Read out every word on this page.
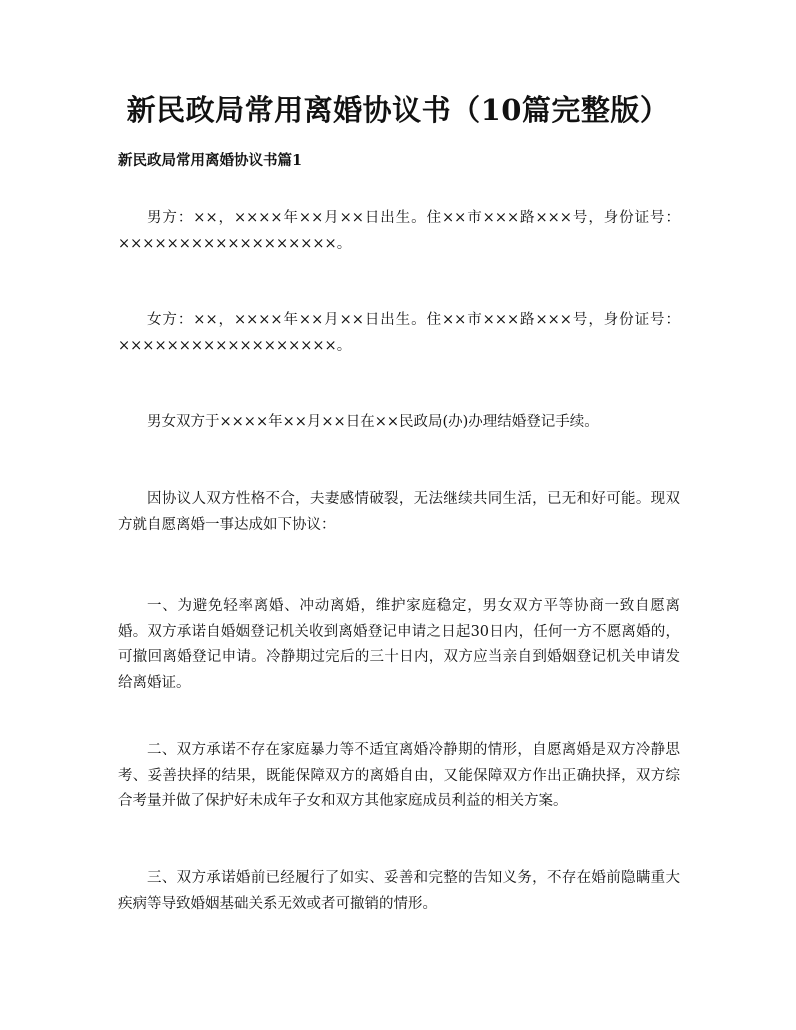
新民政局常用离婚协议书（10篇完整版）
新民政局常用离婚协议书篇1

男方：××，××××年××月××日出生。住××市×××路×××号，身份证号：××××××××××××××××××。

女方：××，××××年××月××日出生。住××市×××路×××号，身份证号：××××××××××××××××××。

男女双方于××××年××月××日在××民政局(办)办理结婚登记手续。

因协议人双方性格不合，夫妻感情破裂，无法继续共同生活，已无和好可能。现双方就自愿离婚一事达成如下协议：

一、为避免轻率离婚、冲动离婚，维护家庭稳定，男女双方平等协商一致自愿离婚。双方承诺自婚姻登记机关收到离婚登记申请之日起30日内，任何一方不愿离婚的，可撤回离婚登记申请。冷静期过完后的三十日内，双方应当亲自到婚姻登记机关申请发给离婚证。

二、双方承诺不存在家庭暴力等不适宜离婚冷静期的情形，自愿离婚是双方冷静思考、妥善抉择的结果，既能保障双方的离婚自由，又能保障双方作出正确抉择，双方综合考量并做了保护好未成年子女和双方其他家庭成员利益的相关方案。

三、双方承诺婚前已经履行了如实、妥善和完整的告知义务，不存在婚前隐瞒重大疾病等导致婚姻基础关系无效或者可撤销的情形。
